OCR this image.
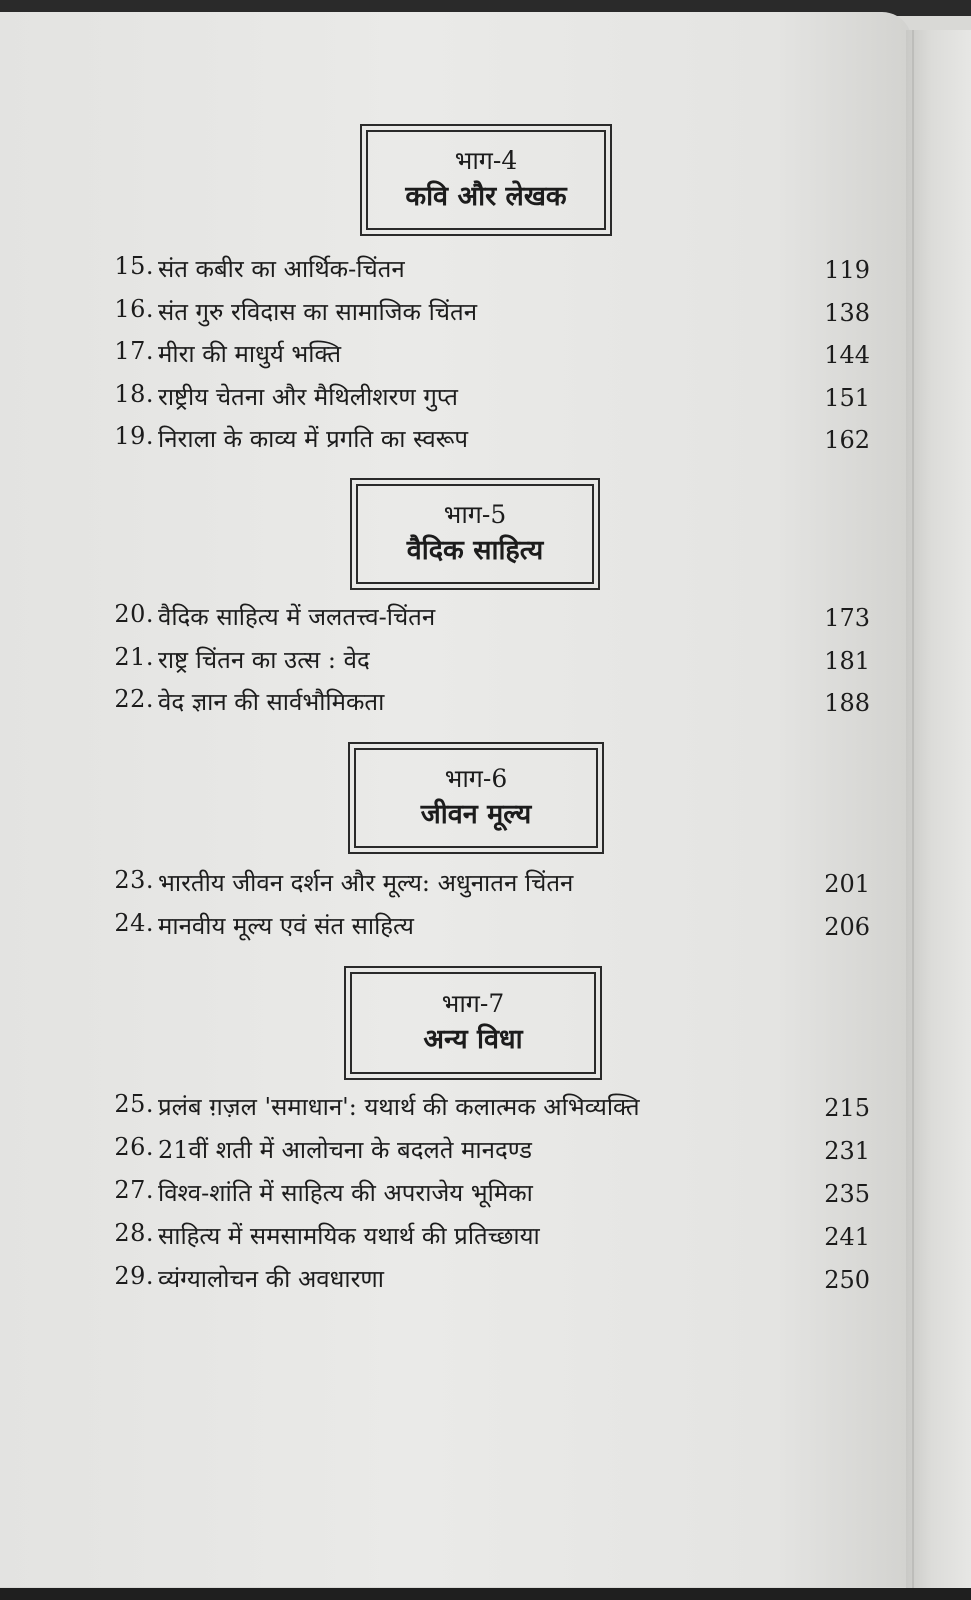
भाग-4
कवि और लेखक
15. संत कबीर का आर्थिक-चिंतन	119
16. संत गुरु रविदास का सामाजिक चिंतन	138
17. मीरा की माधुर्य भक्ति	144
18. राष्ट्रीय चेतना और मैथिलीशरण गुप्त	151
19. निराला के काव्य में प्रगति का स्वरूप	162
भाग-5
वैदिक साहित्य
20. वैदिक साहित्य में जलतत्त्व-चिंतन	173
21. राष्ट्र चिंतन का उत्स : वेद	181
22. वेद ज्ञान की सार्वभौमिकता	188
भाग-6
जीवन मूल्य
23. भारतीय जीवन दर्शन और मूल्य: अधुनातन चिंतन	201
24. मानवीय मूल्य एवं संत साहित्य	206
भाग-7
अन्य विधा
25. प्रलंब ग़ज़ल 'समाधान': यथार्थ की कलात्मक अभिव्यक्ति	215
26. 21वीं शती में आलोचना के बदलते मानदण्ड	231
27. विश्व-शांति में साहित्य की अपराजेय भूमिका	235
28. साहित्य में समसामयिक यथार्थ की प्रतिच्छाया	241
29. व्यंग्यालोचन की अवधारणा	250
